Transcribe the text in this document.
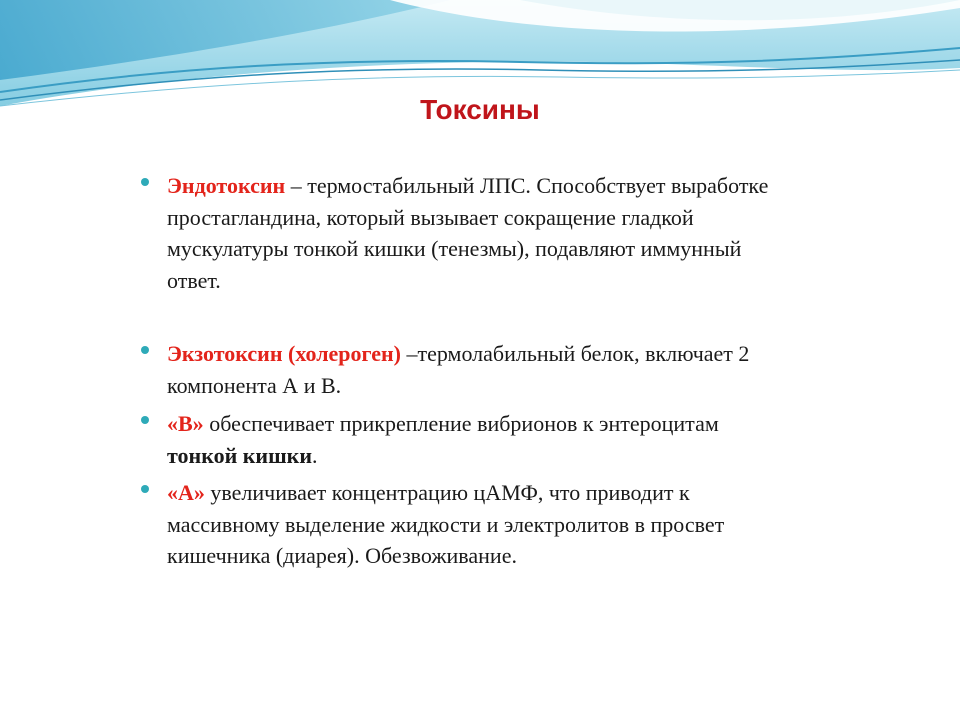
Токсины
Эндотоксин – термостабильный ЛПС. Способствует выработке
простагландина, который вызывает сокращение гладкой
мускулатуры тонкой кишки (тенезмы), подавляют иммунный
ответ.
Экзотоксин (холероген) –термолабильный белок, включает 2
компонента А и В.
«В» обеспечивает прикрепление вибрионов к энтероцитам
тонкой кишки.
«А» увеличивает концентрацию цАМФ, что приводит к
массивному выделение жидкости и электролитов в просвет
кишечника (диарея). Обезвоживание.
